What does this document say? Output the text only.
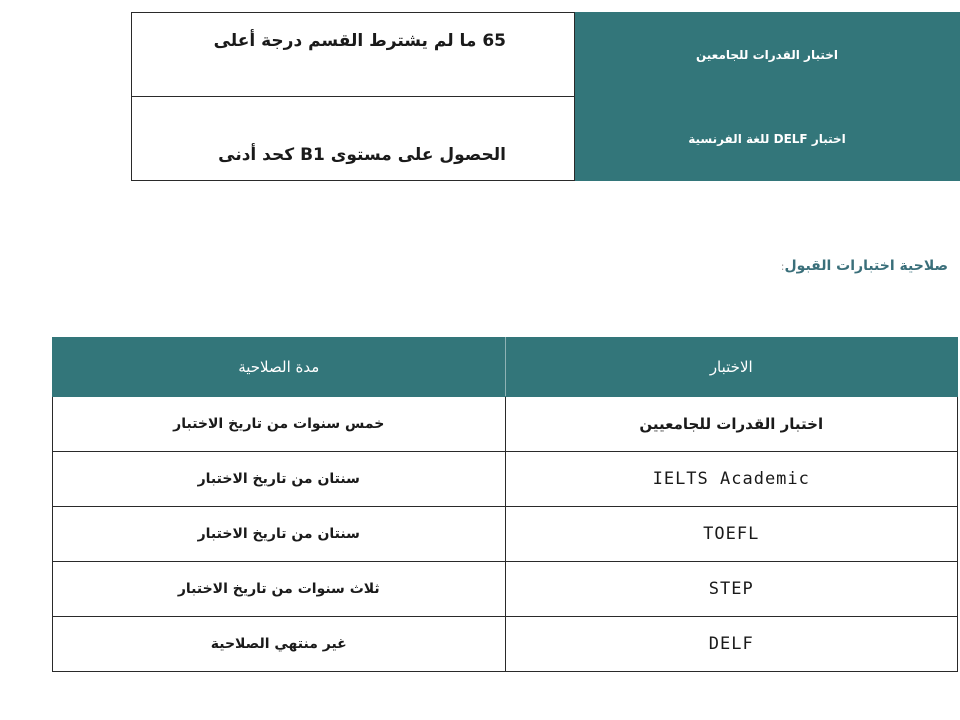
65 ما لم يشترط القسم درجة أعلى	اختبار القدرات للجامعين

الحصول على مستوى B1 كحد أدنى	اختبار DELF للغة الفرنسية
صلاحية اختبارات القبول:
الاختبار	مدة الصلاحية
اختبار القدرات للجامعيين	خمس سنوات من تاريخ الاختبار
IELTS Academic	سنتان من تاريخ الاختبار
TOEFL	سنتان من تاريخ الاختبار
STEP	ثلاث سنوات من تاريخ الاختبار
DELF	غير منتهي الصلاحية
